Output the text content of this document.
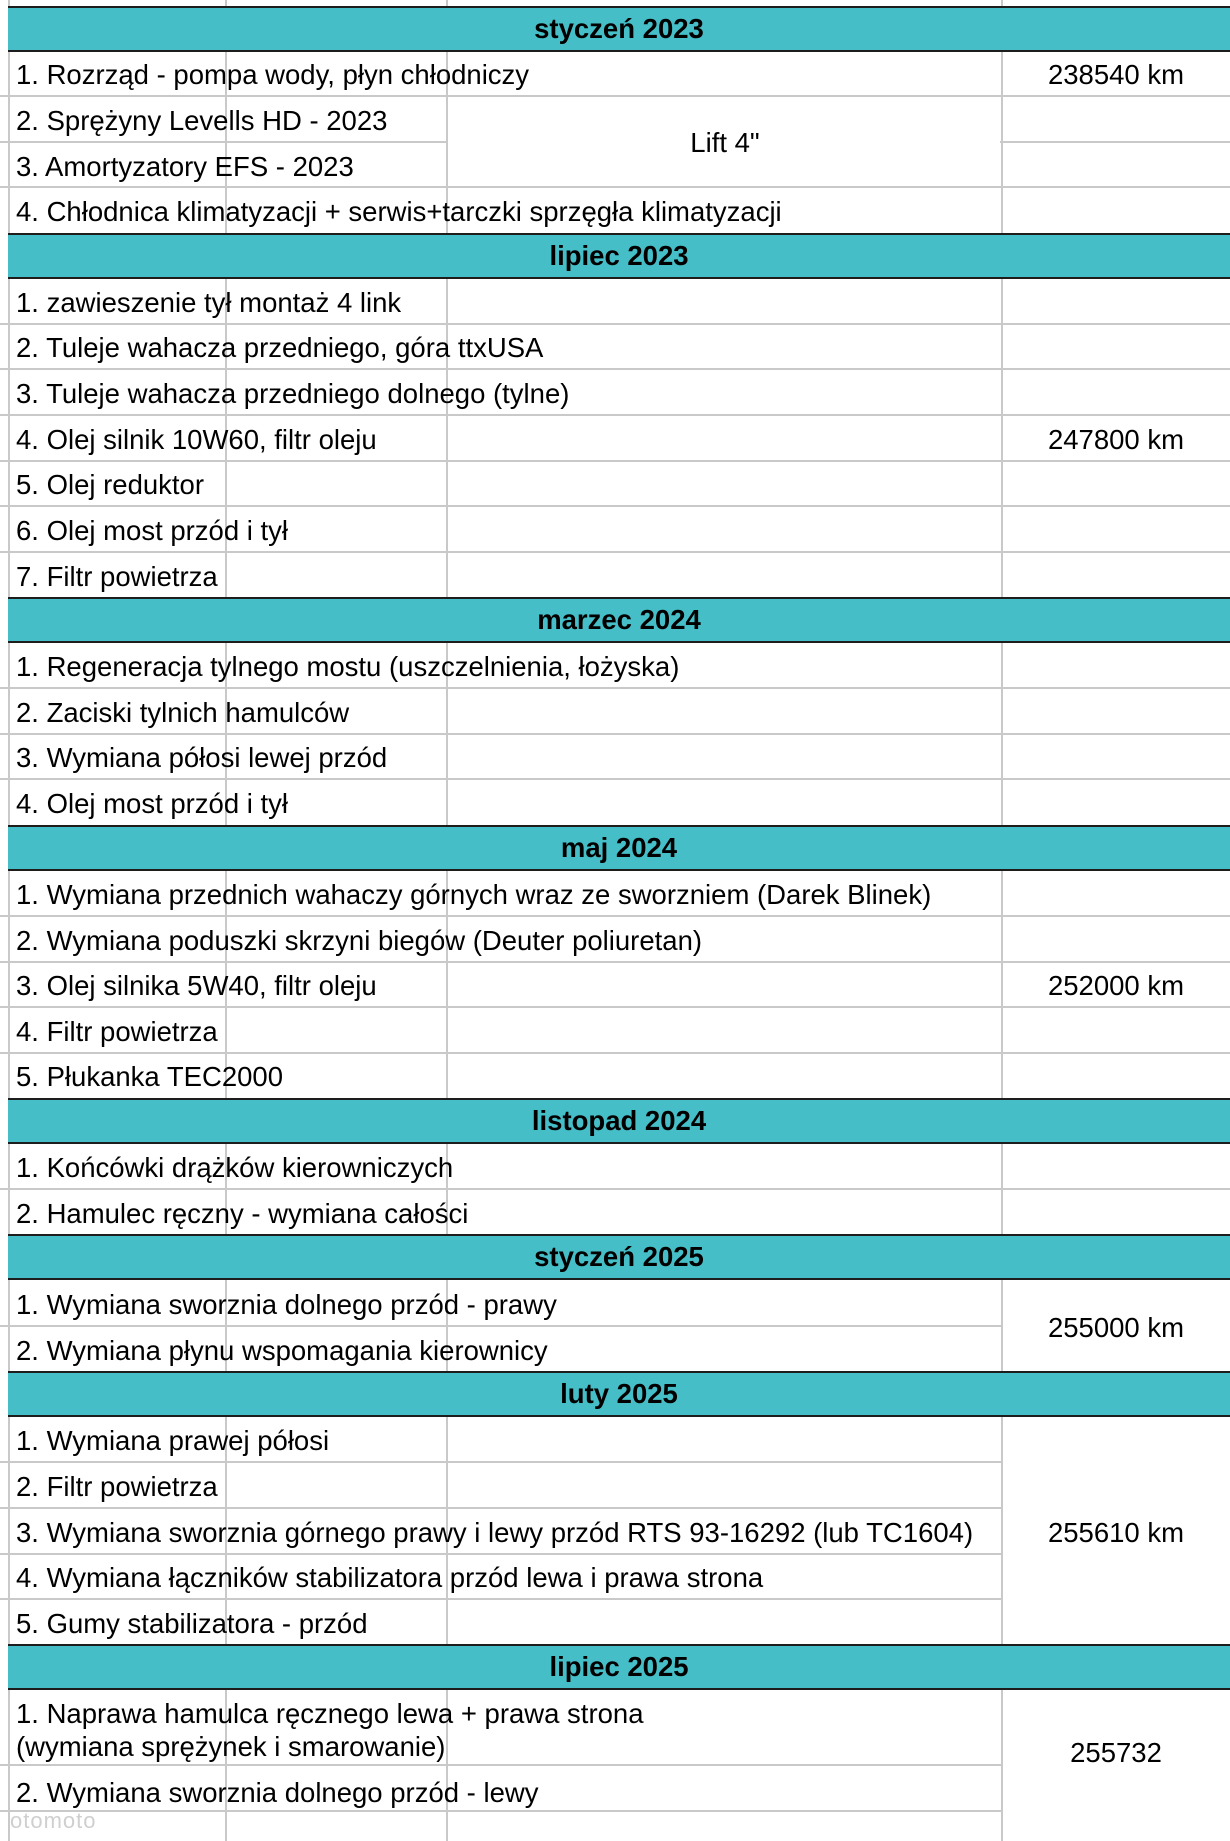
styczeń 2023
lipiec 2023
marzec 2024
maj 2024
listopad 2024
styczeń 2025
luty 2025
lipiec 2025
1. Rozrząd - pompa wody, płyn chłodniczy
2. Sprężyny Levells HD - 2023
3. Amortyzatory EFS - 2023
4. Chłodnica klimatyzacji + serwis+tarczki sprzęgła klimatyzacji
Lift 4"
238540 km
1. zawieszenie tył montaż 4 link
2. Tuleje wahacza przedniego, góra ttxUSA
3. Tuleje wahacza przedniego dolnego (tylne)
4. Olej silnik 10W60, filtr oleju
5. Olej reduktor
6. Olej most przód i tył
7. Filtr powietrza
247800 km
1. Regeneracja tylnego mostu (uszczelnienia, łożyska)
2. Zaciski tylnich hamulców
3. Wymiana półosi lewej przód
4. Olej most przód i tył
1. Wymiana przednich wahaczy górnych wraz ze sworzniem (Darek Blinek)
2. Wymiana poduszki skrzyni biegów (Deuter poliuretan)
3. Olej silnika 5W40, filtr oleju
4. Filtr powietrza
5. Płukanka TEC2000
252000 km
1. Końcówki drążków kierowniczych
2. Hamulec ręczny - wymiana całości
1. Wymiana sworznia dolnego przód - prawy
2. Wymiana płynu wspomagania kierownicy
255000 km
1. Wymiana prawej półosi
2. Filtr powietrza
3. Wymiana sworznia górnego prawy i lewy przód RTS 93-16292 (lub TC1604)
4. Wymiana łączników stabilizatora przód lewa i prawa strona
5. Gumy stabilizatora - przód
255610 km
1. Naprawa hamulca ręcznego lewa + prawa strona
(wymiana sprężynek i smarowanie)
2. Wymiana sworznia dolnego przód - lewy
255732
otomoto
